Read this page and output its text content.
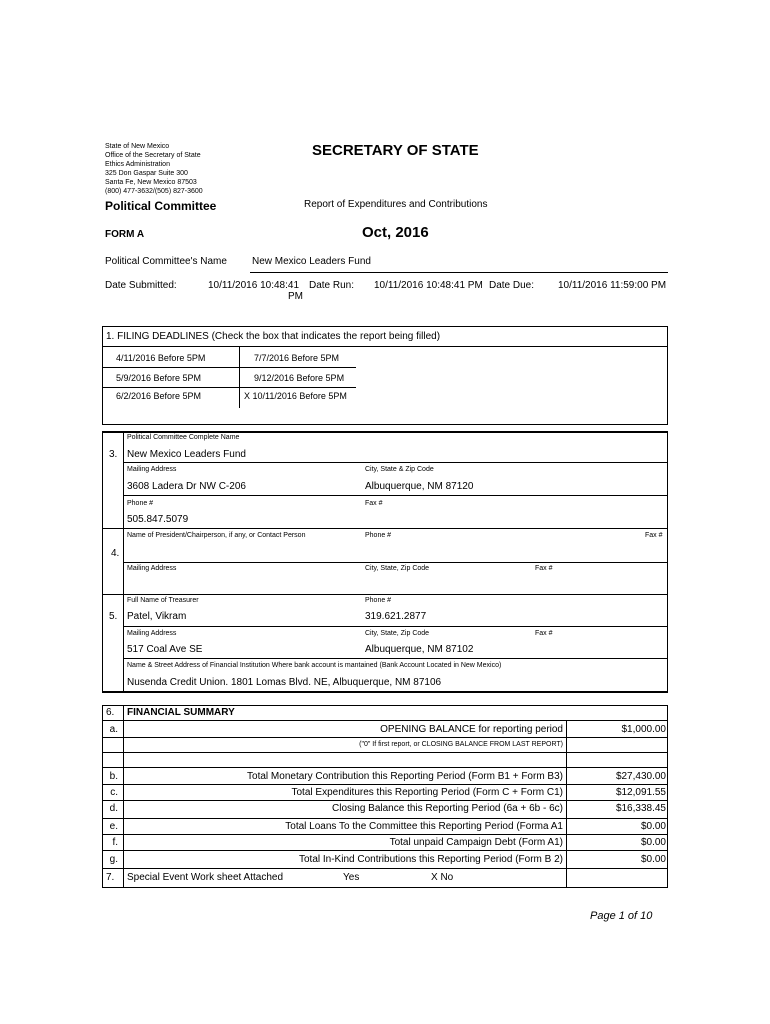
State of New Mexico
Office of the Secretary of State
Ethics Administration
325 Don Gaspar Suite 300
Santa Fe, New Mexico 87503
(800) 477-3632/(505) 827-3600
SECRETARY OF STATE
Political Committee	Report of Expenditures and Contributions
FORM A	Oct, 2016
Political Committee's Name	New Mexico Leaders Fund
Date Submitted:	10/11/2016 10:48:41 Date Run:
PM
10/11/2016 10:48:41 PM Date Due: 10/11/2016 11:59:00 PM
1. FILING DEADLINES (Check the box that indicates the report being filled)
4/11/2016 Before 5PM	7/7/2016 Before 5PM
5/9/2016 Before 5PM	9/12/2016 Before 5PM
6/2/2016 Before 5PM	X 10/11/2016 Before 5PM
Political Committee Complete Name
3. New Mexico Leaders Fund
Mailing Address	City, State & Zip Code
3608 Ladera Dr NW C-206	Albuquerque, NM 87120
Phone #	Fax #
505.847.5079
Name of President/Chairperson, if any, or Contact Person	Phone #	Fax #
4.
Mailing Address	City, State, Zip Code	Fax #
Full Name of Treasurer	Phone #
5. Patel, Vikram	319.621.2877
Mailing Address	City, State, Zip Code	Fax #
517 Coal Ave SE	Albuquerque, NM 87102
Name & Street Address of Financial Institution Where bank account is mantained (Bank Account Located in New Mexico)
Nusenda Credit Union. 1801 Lomas Blvd. NE, Albuquerque, NM 87106
6. FINANCIAL SUMMARY
a.	OPENING BALANCE for reporting period	$1,000.00
("0" If first report, or CLOSING BALANCE FROM LAST REPORT)
b.	Total Monetary Contribution this Reporting Period (Form B1 + Form B3)	$27,430.00
c.	Total Expenditures this Reporting Period (Form C + Form C1)	$12,091.55
d.	Closing Balance this Reporting Period (6a + 6b - 6c)	$16,338.45
e.	Total Loans To the Committee this Reporting Period (Forma A1	$0.00
f.	Total unpaid Campaign Debt (Form A1)	$0.00
g.	Total In-Kind Contributions this Reporting Period (Form B 2)	$0.00
7. Special Event Work sheet Attached	Yes	X No
Page 1 of 10
